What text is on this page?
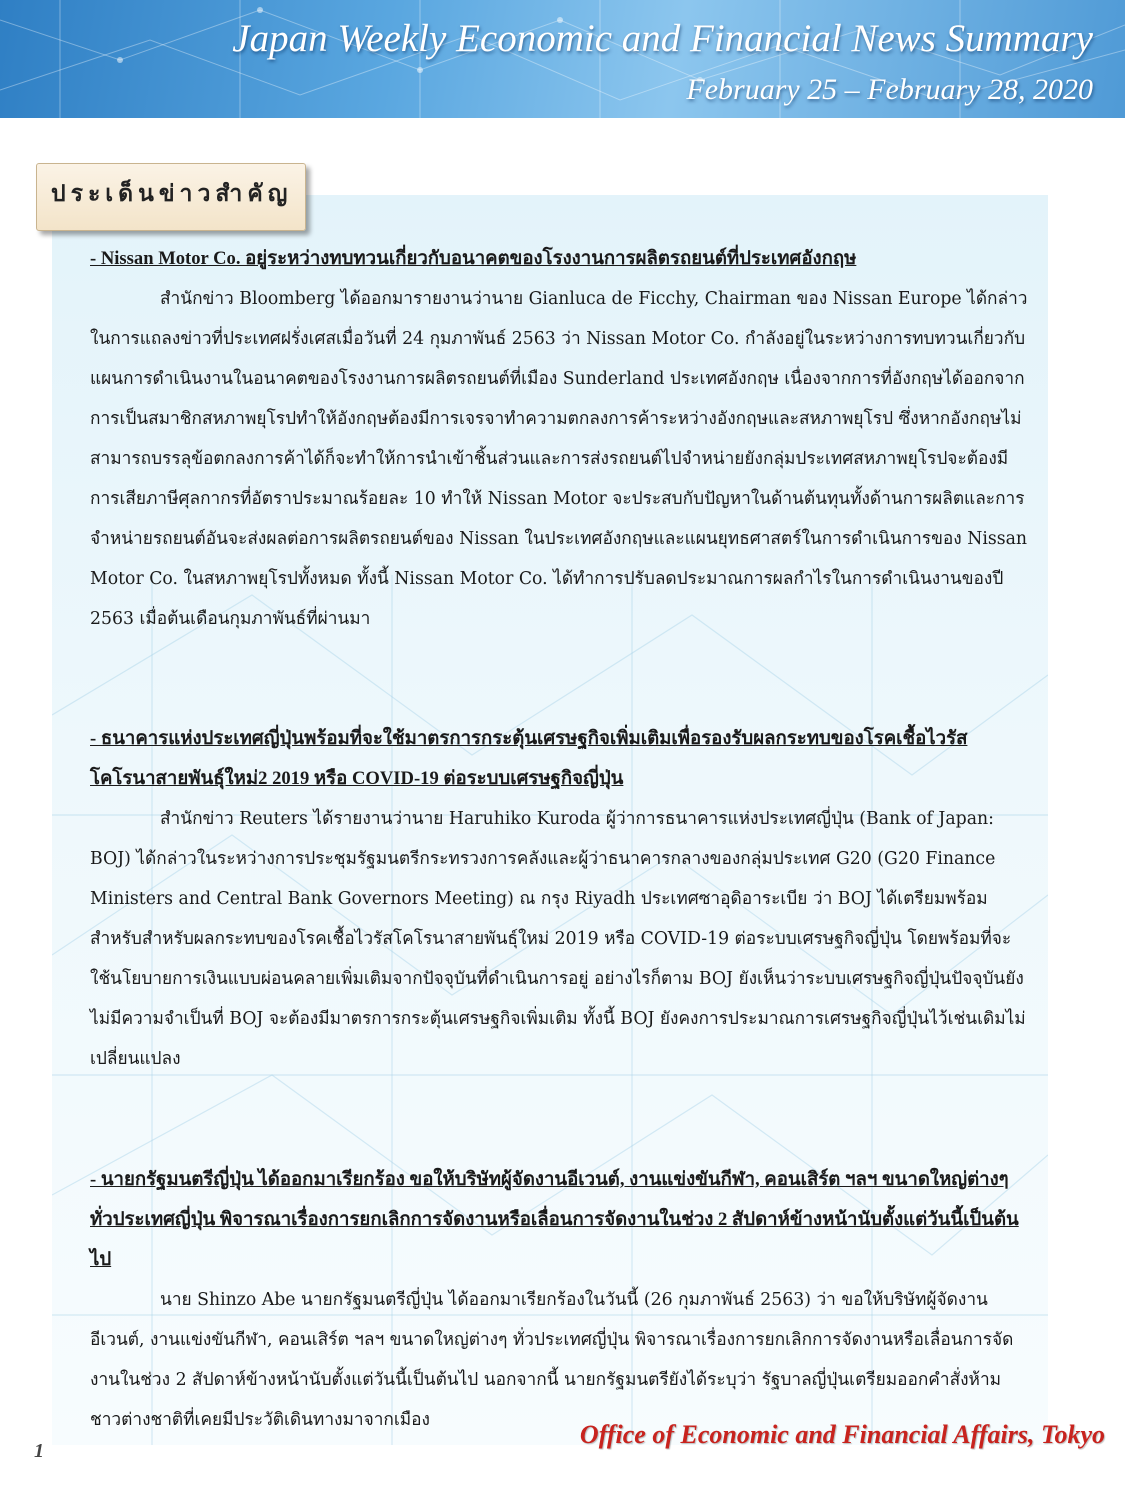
Japan Weekly Economic and Financial News Summary
February 25 – February 28, 2020
ประเด็นข่าวสำคัญ

- Nissan Motor Co. อยู่ระหว่างทบทวนเกี่ยวกับอนาคตของโรงงานการผลิตรถยนต์ที่ประเทศอังกฤษ

สำนักข่าว Bloomberg ได้ออกมารายงานว่านาย Gianluca de Ficchy, Chairman ของ Nissan Europe ได้กล่าวในการแถลงข่าวที่ประเทศฝรั่งเศสเมื่อวันที่ 24 กุมภาพันธ์ 2563 ว่า Nissan Motor Co. กำลังอยู่ในระหว่างการทบทวนเกี่ยวกับแผนการดำเนินงานในอนาคตของโรงงานการผลิตรถยนต์ที่เมือง Sunderland ประเทศอังกฤษ เนื่องจากการที่อังกฤษได้ออกจากการเป็นสมาชิกสหภาพยุโรปทำให้อังกฤษต้องมีการเจรจาทำความตกลงการค้าระหว่างอังกฤษและสหภาพยุโรป ซึ่งหากอังกฤษไม่สามารถบรรลุข้อตกลงการค้าได้ก็จะทำให้การนำเข้าชิ้นส่วนและการส่งรถยนต์ไปจำหน่ายยังกลุ่มประเทศสหภาพยุโรปจะต้องมีการเสียภาษีศุลกากรที่อัตราประมาณร้อยละ 10 ทำให้ Nissan Motor จะประสบกับปัญหาในด้านต้นทุนทั้งด้านการผลิตและการจำหน่ายรถยนต์อันจะส่งผลต่อการผลิตรถยนต์ของ Nissan ในประเทศอังกฤษและแผนยุทธศาสตร์ในการดำเนินการของ Nissan Motor Co. ในสหภาพยุโรปทั้งหมด ทั้งนี้ Nissan Motor Co. ได้ทำการปรับลดประมาณการผลกำไรในการดำเนินงานของปี 2563 เมื่อต้นเดือนกุมภาพันธ์ที่ผ่านมา

- ธนาคารแห่งประเทศญี่ปุ่นพร้อมที่จะใช้มาตรการกระตุ้นเศรษฐกิจเพิ่มเติมเพื่อรองรับผลกระทบของโรคเชื้อไวรัสโคโรนาสายพันธุ์ใหม่2 2019 หรือ COVID-19 ต่อระบบเศรษฐกิจญี่ปุ่น

สำนักข่าว Reuters ได้รายงานว่านาย Haruhiko Kuroda ผู้ว่าการธนาคารแห่งประเทศญี่ปุ่น (Bank of Japan: BOJ) ได้กล่าวในระหว่างการประชุมรัฐมนตรีกระทรวงการคลังและผู้ว่าธนาคารกลางของกลุ่มประเทศ G20 (G20 Finance Ministers and Central Bank Governors Meeting) ณ กรุง Riyadh ประเทศซาอุดิอาระเบีย ว่า BOJ ได้เตรียมพร้อมสำหรับสำหรับผลกระทบของโรคเชื้อไวรัสโคโรนาสายพันธุ์ใหม่ 2019 หรือ COVID-19 ต่อระบบเศรษฐกิจญี่ปุ่น โดยพร้อมที่จะใช้นโยบายการเงินแบบผ่อนคลายเพิ่มเติมจากปัจจุบันที่ดำเนินการอยู่ อย่างไรก็ตาม BOJ ยังเห็นว่าระบบเศรษฐกิจญี่ปุ่นปัจจุบันยังไม่มีความจำเป็นที่ BOJ จะต้องมีมาตรการกระตุ้นเศรษฐกิจเพิ่มเติม ทั้งนี้ BOJ ยังคงการประมาณการเศรษฐกิจญี่ปุ่นไว้เช่นเดิมไม่เปลี่ยนแปลง

- นายกรัฐมนตรีญี่ปุ่น ได้ออกมาเรียกร้อง ขอให้บริษัทผู้จัดงานอีเวนต์, งานแข่งขันกีฬา, คอนเสิร์ต ฯลฯ ขนาดใหญ่ต่างๆ ทั่วประเทศญี่ปุ่น พิจารณาเรื่องการยกเลิกการจัดงานหรือเลื่อนการจัดงานในช่วง 2 สัปดาห์ข้างหน้านับตั้งแต่วันนี้เป็นต้นไป

นาย Shinzo Abe นายกรัฐมนตรีญี่ปุ่น ได้ออกมาเรียกร้องในวันนี้ (26 กุมภาพันธ์ 2563) ว่า ขอให้บริษัทผู้จัดงานอีเวนต์, งานแข่งขันกีฬา, คอนเสิร์ต ฯลฯ ขนาดใหญ่ต่างๆ ทั่วประเทศญี่ปุ่น พิจารณาเรื่องการยกเลิกการจัดงานหรือเลื่อนการจัดงานในช่วง 2 สัปดาห์ข้างหน้านับตั้งแต่วันนี้เป็นต้นไป นอกจากนี้ นายกรัฐมนตรียังได้ระบุว่า รัฐบาลญี่ปุ่นเตรียมออกคำสั่งห้ามชาวต่างชาติที่เคยมีประวัติเดินทางมาจากเมือง

1
Office of Economic and Financial Affairs, Tokyo
